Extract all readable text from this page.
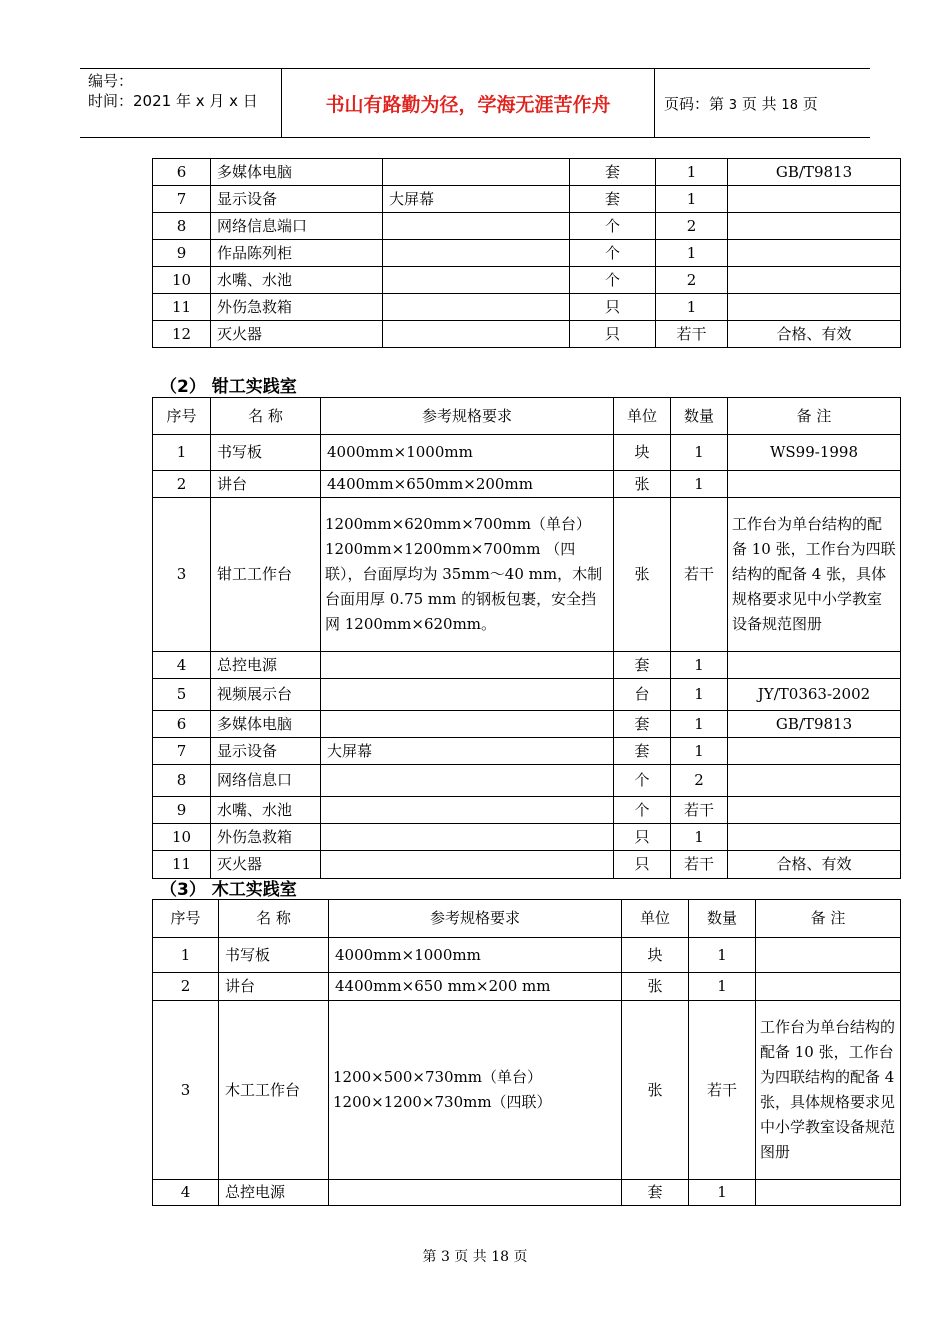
编号：
时间：2021 年 x 月 x 日	书山有路勤为径，学海无涯苦作舟	页码：第 3 页 共 18 页
6	多媒体电脑		套	1	GB/T9813
7	显示设备	大屏幕	套	1	
8	网络信息端口		个	2	
9	作品陈列柜		个	1	
10	水嘴、水池		个	2	
11	外伤急救箱		只	1	
12	灭火器		只	若干	合格、有效
（2） 钳工实践室
序号	名 称	参考规格要求	单位	数量	备 注
1	书写板	4000mm×1000mm	块	1	WS99-1998
2	讲台	4400mm×650mm×200mm	张	1	
3	钳工工作台	1200mm×620mm×700mm（单台）1200mm×1200mm×700mm （四联），台面厚均为 35mm～40 mm，木制台面用厚 0.75 mm 的钢板包裹，安全挡网 1200mm×620mm。	张	若干	工作台为单台结构的配备 10 张，工作台为四联结构的配备 4 张，具体规格要求见中小学教室设备规范图册
4	总控电源		套	1	
5	视频展示台		台	1	JY/T0363-2002
6	多媒体电脑		套	1	GB/T9813
7	显示设备	大屏幕	套	1	
8	网络信息口		个	2	
9	水嘴、水池		个	若干	
10	外伤急救箱		只	1	
11	灭火器		只	若干	合格、有效
（3） 木工实践室
序号	名 称	参考规格要求	单位	数量	备 注
1	书写板	4000mm×1000mm	块	1	
2	讲台	4400mm×650 mm×200 mm	张	1	
3	木工工作台	1200×500×730mm（单台）1200×1200×730mm（四联）	张	若干	工作台为单台结构的配备 10 张，工作台为四联结构的配备 4 张，具体规格要求见中小学教室设备规范图册
4	总控电源		套	1	
第 3 页 共 18 页
